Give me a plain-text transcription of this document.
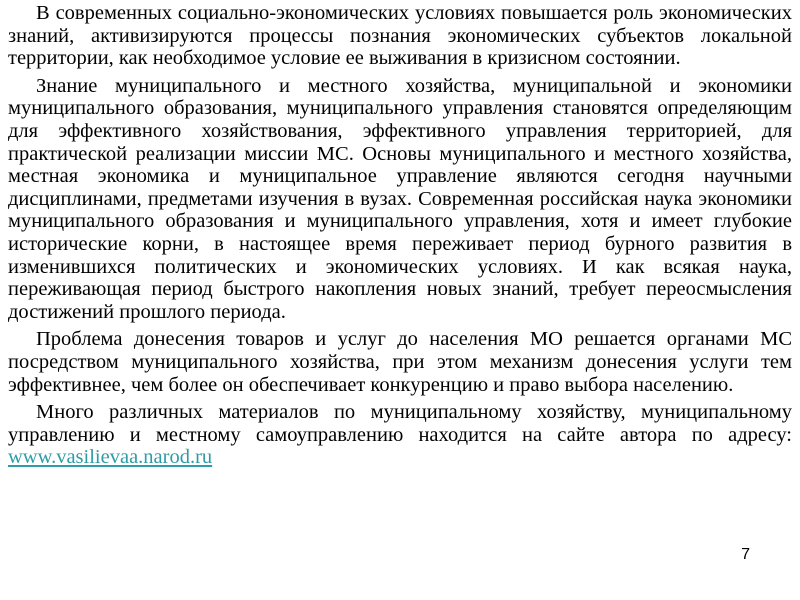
В современных социально-экономических условиях повышается роль экономических знаний, активизируются процессы познания экономических субъектов локальной территории, как необходимое условие ее выживания в кризисном состоянии.

Знание муниципального и местного хозяйства, муниципальной и экономики муниципального образования, муниципального управления становятся определяющим для эффективного хозяйствования, эффективного управления территорией, для практической реализации миссии МС. Основы муниципального и местного хозяйства, местная экономика и муниципальное управление являются сегодня научными дисциплинами, предметами изучения в вузах. Современная российская наука экономики муниципального образования и муниципального управления, хотя и имеет глубокие исторические корни, в настоящее время переживает период бурного развития в изменившихся политических и экономических условиях. И как всякая наука, переживающая период быстрого накопления новых знаний, требует переосмысления достижений прошлого периода.

Проблема донесения товаров и услуг до населения МО решается органами МС посредством муниципального хозяйства, при этом механизм донесения услуги тем эффективнее, чем более он обеспечивает конкуренцию и право выбора населению.

Много различных материалов по муниципальному хозяйству, муниципальному управлению и местному самоуправлению находится на сайте автора по адресу: www.vasilievaa.narod.ru

7
